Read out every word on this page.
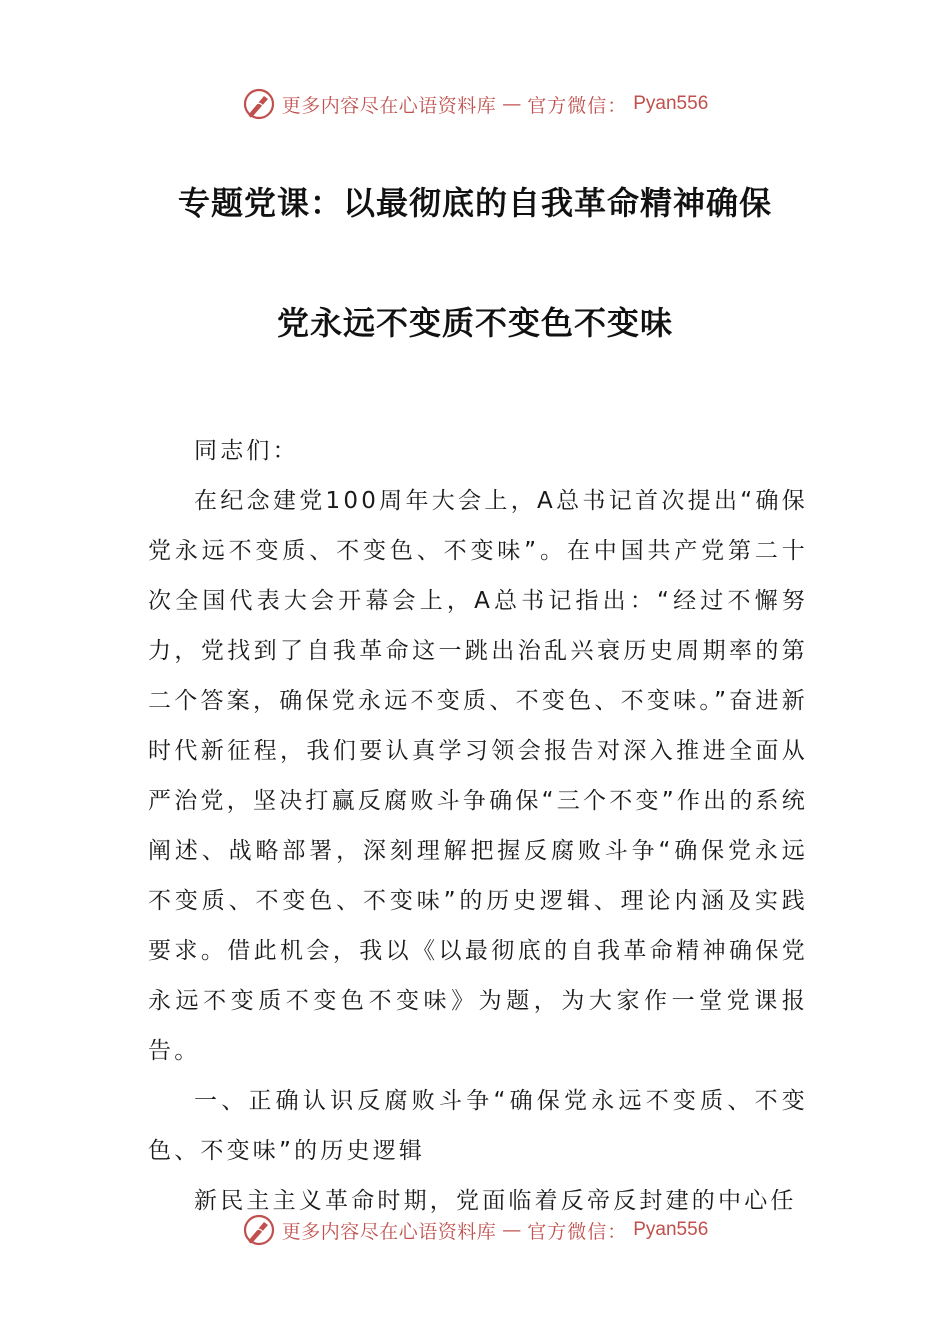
更多内容尽在心语资料库 — 官方微信： Pyan556
专题党课：以最彻底的自我革命精神确保
党永远不变质不变色不变味

同志们：

在纪念建党100周年大会上，A总书记首次提出“确保党永远不变质、不变色、不变味”。在中国共产党第二十次全国代表大会开幕会上，A总书记指出：“经过不懈努力，党找到了自我革命这一跳出治乱兴衰历史周期率的第二个答案，确保党永远不变质、不变色、不变味。”奋进新时代新征程，我们要认真学习领会报告对深入推进全面从严治党，坚决打赢反腐败斗争确保“三个不变”作出的系统阐述、战略部署，深刻理解把握反腐败斗争“确保党永远不变质、不变色、不变味”的历史逻辑、理论内涵及实践要求。借此机会，我以《以最彻底的自我革命精神确保党永远不变质不变色不变味》为题，为大家作一堂党课报告。

一、正确认识反腐败斗争“确保党永远不变质、不变色、不变味”的历史逻辑

新民主主义革命时期，党面临着反帝反封建的中心任

更多内容尽在心语资料库 — 官方微信： Pyan556
